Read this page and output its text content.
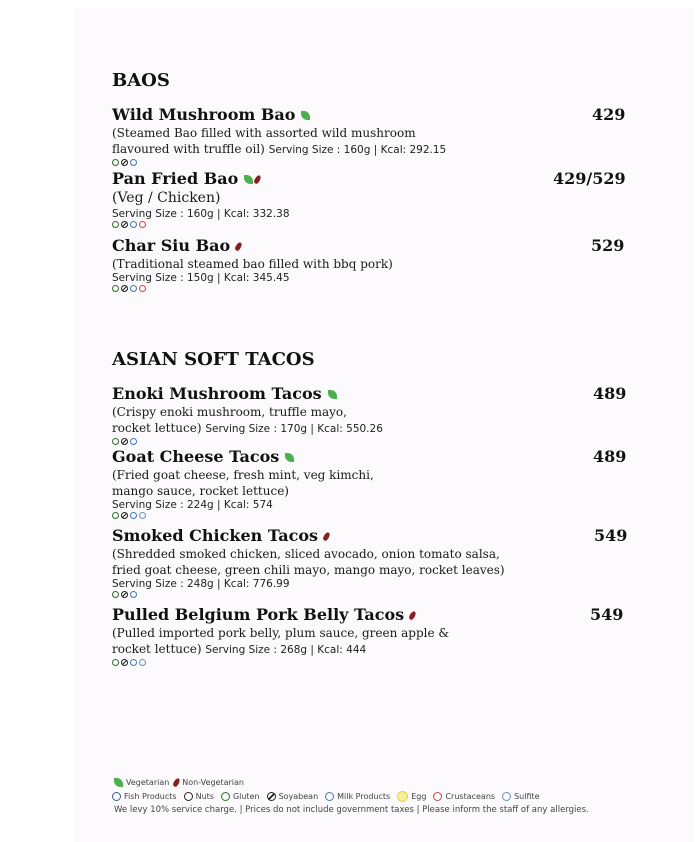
BAOS
Wild Mushroom Bao	429
(Steamed Bao filled with assorted wild mushroom
flavoured with truffle oil) Serving Size : 160g | Kcal: 292.15
Pan Fried Bao	429/529
(Veg / Chicken)
Serving Size : 160g | Kcal: 332.38
Char Siu Bao	529
(Traditional steamed bao filled with bbq pork)
Serving Size : 150g | Kcal: 345.45
ASIAN SOFT TACOS
Enoki Mushroom Tacos	489
(Crispy enoki mushroom, truffle mayo,
rocket lettuce) Serving Size : 170g | Kcal: 550.26
Goat Cheese Tacos	489
(Fried goat cheese, fresh mint, veg kimchi,
mango sauce, rocket lettuce)
Serving Size : 224g | Kcal: 574
Smoked Chicken Tacos	549
(Shredded smoked chicken, sliced avocado, onion tomato salsa,
fried goat cheese, green chili mayo, mango mayo, rocket leaves)
Serving Size : 248g | Kcal: 776.99
Pulled Belgium Pork Belly Tacos	549
(Pulled imported pork belly, plum sauce, green apple &
rocket lettuce) Serving Size : 268g | Kcal: 444
Vegetarian Non-Vegetarian
Fish Products Nuts Gluten Soyabean Milk Products	Egg Crustaceans Sulfite
We levy 10% service charge. | Prices do not include government taxes | Please inform the staff of any allergies.
